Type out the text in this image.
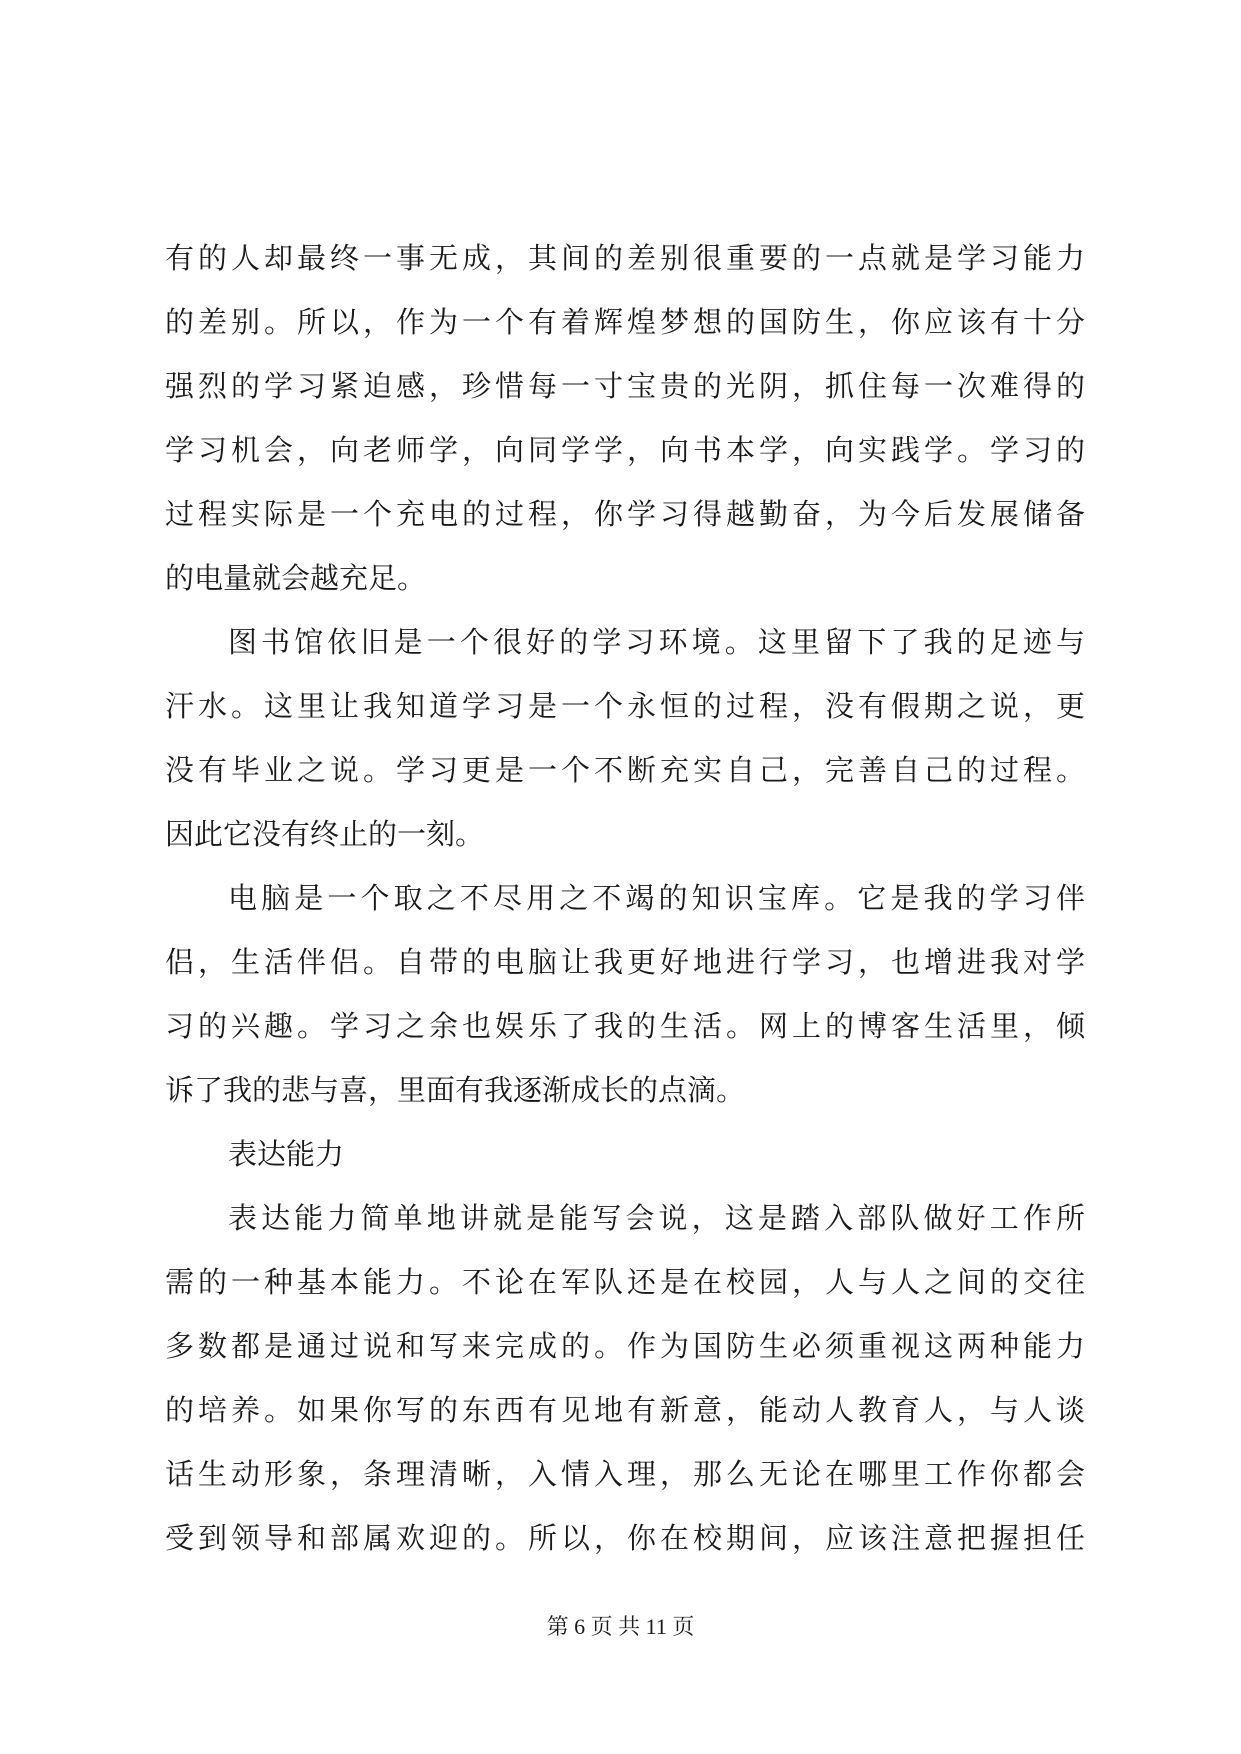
有的人却最终一事无成，其间的差别很重要的一点就是学习能力
的差别。所以，作为一个有着辉煌梦想的国防生，你应该有十分
强烈的学习紧迫感，珍惜每一寸宝贵的光阴，抓住每一次难得的
学习机会，向老师学，向同学学，向书本学，向实践学。学习的
过程实际是一个充电的过程，你学习得越勤奋，为今后发展储备
的电量就会越充足。
图书馆依旧是一个很好的学习环境。这里留下了我的足迹与
汗水。这里让我知道学习是一个永恒的过程，没有假期之说，更
没有毕业之说。学习更是一个不断充实自己，完善自己的过程。
因此它没有终止的一刻。
电脑是一个取之不尽用之不竭的知识宝库。它是我的学习伴
侣，生活伴侣。自带的电脑让我更好地进行学习，也增进我对学
习的兴趣。学习之余也娱乐了我的生活。网上的博客生活里，倾
诉了我的悲与喜，里面有我逐渐成长的点滴。
表达能力
表达能力简单地讲就是能写会说，这是踏入部队做好工作所
需的一种基本能力。不论在军队还是在校园，人与人之间的交往
多数都是通过说和写来完成的。作为国防生必须重视这两种能力
的培养。如果你写的东西有见地有新意，能动人教育人，与人谈
话生动形象，条理清晰，入情入理，那么无论在哪里工作你都会
受到领导和部属欢迎的。所以，你在校期间，应该注意把握担任
第 6 页 共 11 页
